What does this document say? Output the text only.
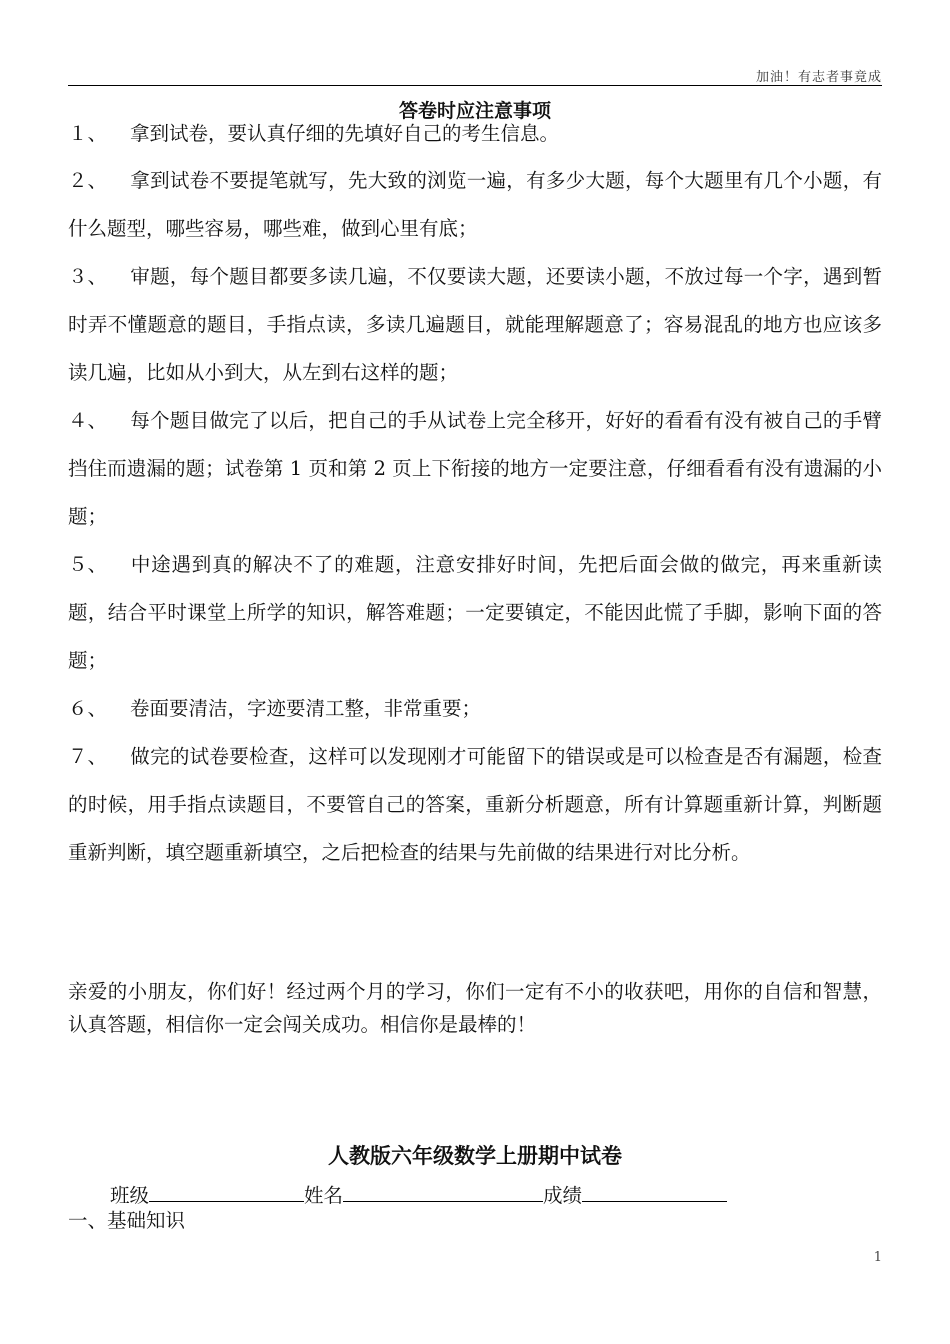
加油！有志者事竟成
答卷时应注意事项

１、 拿到试卷，要认真仔细的先填好自己的考生信息。

２、 拿到试卷不要提笔就写，先大致的浏览一遍，有多少大题，每个大题里有几个小题，有什么题型，哪些容易，哪些难，做到心里有底；

３、 审题，每个题目都要多读几遍，不仅要读大题，还要读小题，不放过每一个字，遇到暂时弄不懂题意的题目，手指点读，多读几遍题目，就能理解题意了；容易混乱的地方也应该多读几遍，比如从小到大，从左到右这样的题；

４、 每个题目做完了以后，把自己的手从试卷上完全移开，好好的看看有没有被自己的手臂挡住而遗漏的题；试卷第 1 页和第 2 页上下衔接的地方一定要注意，仔细看看有没有遗漏的小题；

５、 中途遇到真的解决不了的难题，注意安排好时间，先把后面会做的做完，再来重新读题，结合平时课堂上所学的知识，解答难题；一定要镇定，不能因此慌了手脚，影响下面的答题；

６、 卷面要清洁，字迹要清工整，非常重要；

７、 做完的试卷要检查，这样可以发现刚才可能留下的错误或是可以检查是否有漏题，检查的时候，用手指点读题目，不要管自己的答案，重新分析题意，所有计算题重新计算，判断题重新判断，填空题重新填空，之后把检查的结果与先前做的结果进行对比分析。

亲爱的小朋友，你们好！经过两个月的学习，你们一定有不小的收获吧，用你的自信和智慧，认真答题，相信你一定会闯关成功。相信你是最棒的！

人教版六年级数学上册期中试卷
班级	姓名	成绩
一、基础知识
1
